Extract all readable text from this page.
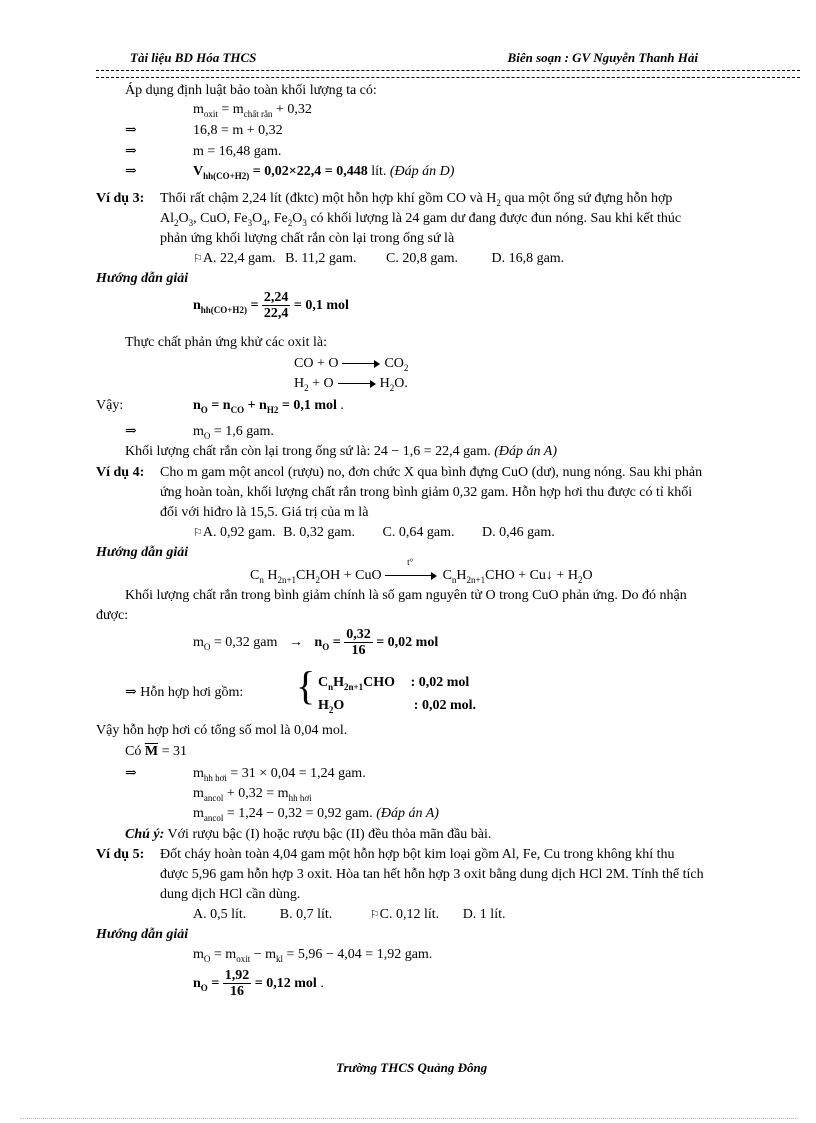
Tài liệu BD Hóa THCS	Biên soạn : GV Nguyễn Thanh Hải
Áp dụng định luật bảo toàn khối lượng ta có:
$m_{oxit} = m_{chất rắn} + 0,32$
⇒	16,8 = m + 0,32
⇒	m = 16,48 gam.
⇒	$V_{hh(CO+H2)} = 0,02\times 22,4 = 0,448$ lít. (Đáp án D)
Ví dụ 3: Thổi rất chậm 2,24 lít (đktc) một hỗn hợp khí gồm CO và $H_2$ qua một ống sứ đựng hỗn hợp
$Al_2O_3$, CuO, $Fe_3O_4$, $Fe_2O_3$ có khối lượng là 24 gam dư đang được đun nóng. Sau khi kết thúc
phản ứng khối lượng chất rắn còn lại trong ống sứ là
⚐A. 22,4 gam. B. 11,2 gam. C. 20,8 gam. D. 16,8 gam.
Hướng dẫn giải
$n_{hh(CO+H2)} = \frac{2,24}{22,4} = 0,1$ mol
Thực chất phản ứng khử các oxit là:
CO + O	$CO_2$
$H_2 + O$	$H_2O$.
Vậy:	$n_O = n_{CO} + n_{H2} = 0,1$ mol .
⇒	$m_O = 1,6$ gam.
Khối lượng chất rắn còn lại trong ống sứ là: 24 − 1,6 = 22,4 gam. (Đáp án A)
Ví dụ 4: Cho m gam một ancol (rượu) no, đơn chức X qua bình đựng CuO (dư), nung nóng. Sau khi phản
ứng hoàn toàn, khối lượng chất rắn trong bình giảm 0,32 gam. Hỗn hợp hơi thu được có tỉ khối
đối với hiđro là 15,5. Giá trị của m là
⚐A. 0,92 gam. B. 0,32 gam. C. 0,64 gam. D. 0,46 gam.
Hướng dẫn giải
$C_n$ $H_{2n+1}CH_2OH$ + CuO
t°
$C_nH_{2n+1}CHO$ + Cu↓ + $H_2O$
Khối lượng chất rắn trong bình giảm chính là số gam nguyên tử O trong CuO phản ứng. Do đó nhận
được:
$m_O = 0,32$ gam → $n_O = \frac{0,32}{16} = 0,02$ mol
⇒ Hỗn hợp hơi gồm: { $C_nH_{2n+1}CHO$ : 0,02 mol
$H_2O$	: 0,02 mol.
Vậy hỗn hợp hơi có tổng số mol là 0,04 mol.
Có $\overline{M} = 31$
⇒	$m_{hh hơi} = 31 \times 0,04 = 1,24$ gam.
$m_{ancol} + 0,32 = m_{hh hơi}$
$m_{ancol} = 1,24 - 0,32 = 0,92$ gam. (Đáp án A)
Chú ý: Với rượu bậc (I) hoặc rượu bậc (II) đều thỏa mãn đầu bài.
Ví dụ 5: Đốt cháy hoàn toàn 4,04 gam một hỗn hợp bột kim loại gồm Al, Fe, Cu trong không khí thu
được 5,96 gam hỗn hợp 3 oxit. Hòa tan hết hỗn hợp 3 oxit bằng dung dịch HCl 2M. Tính thể tích
dung dịch HCl cần dùng.
A. 0,5 lít. B. 0,7 lít.	⚐C. 0,12 lít. D. 1 lít.
Hướng dẫn giải
$m_O = m_{oxit} - m_{kl} = 5,96 - 4,04 = 1,92$ gam.
$n_O = \frac{1,92}{16} = 0,12$ mol .
Trường THCS Quảng Đông
